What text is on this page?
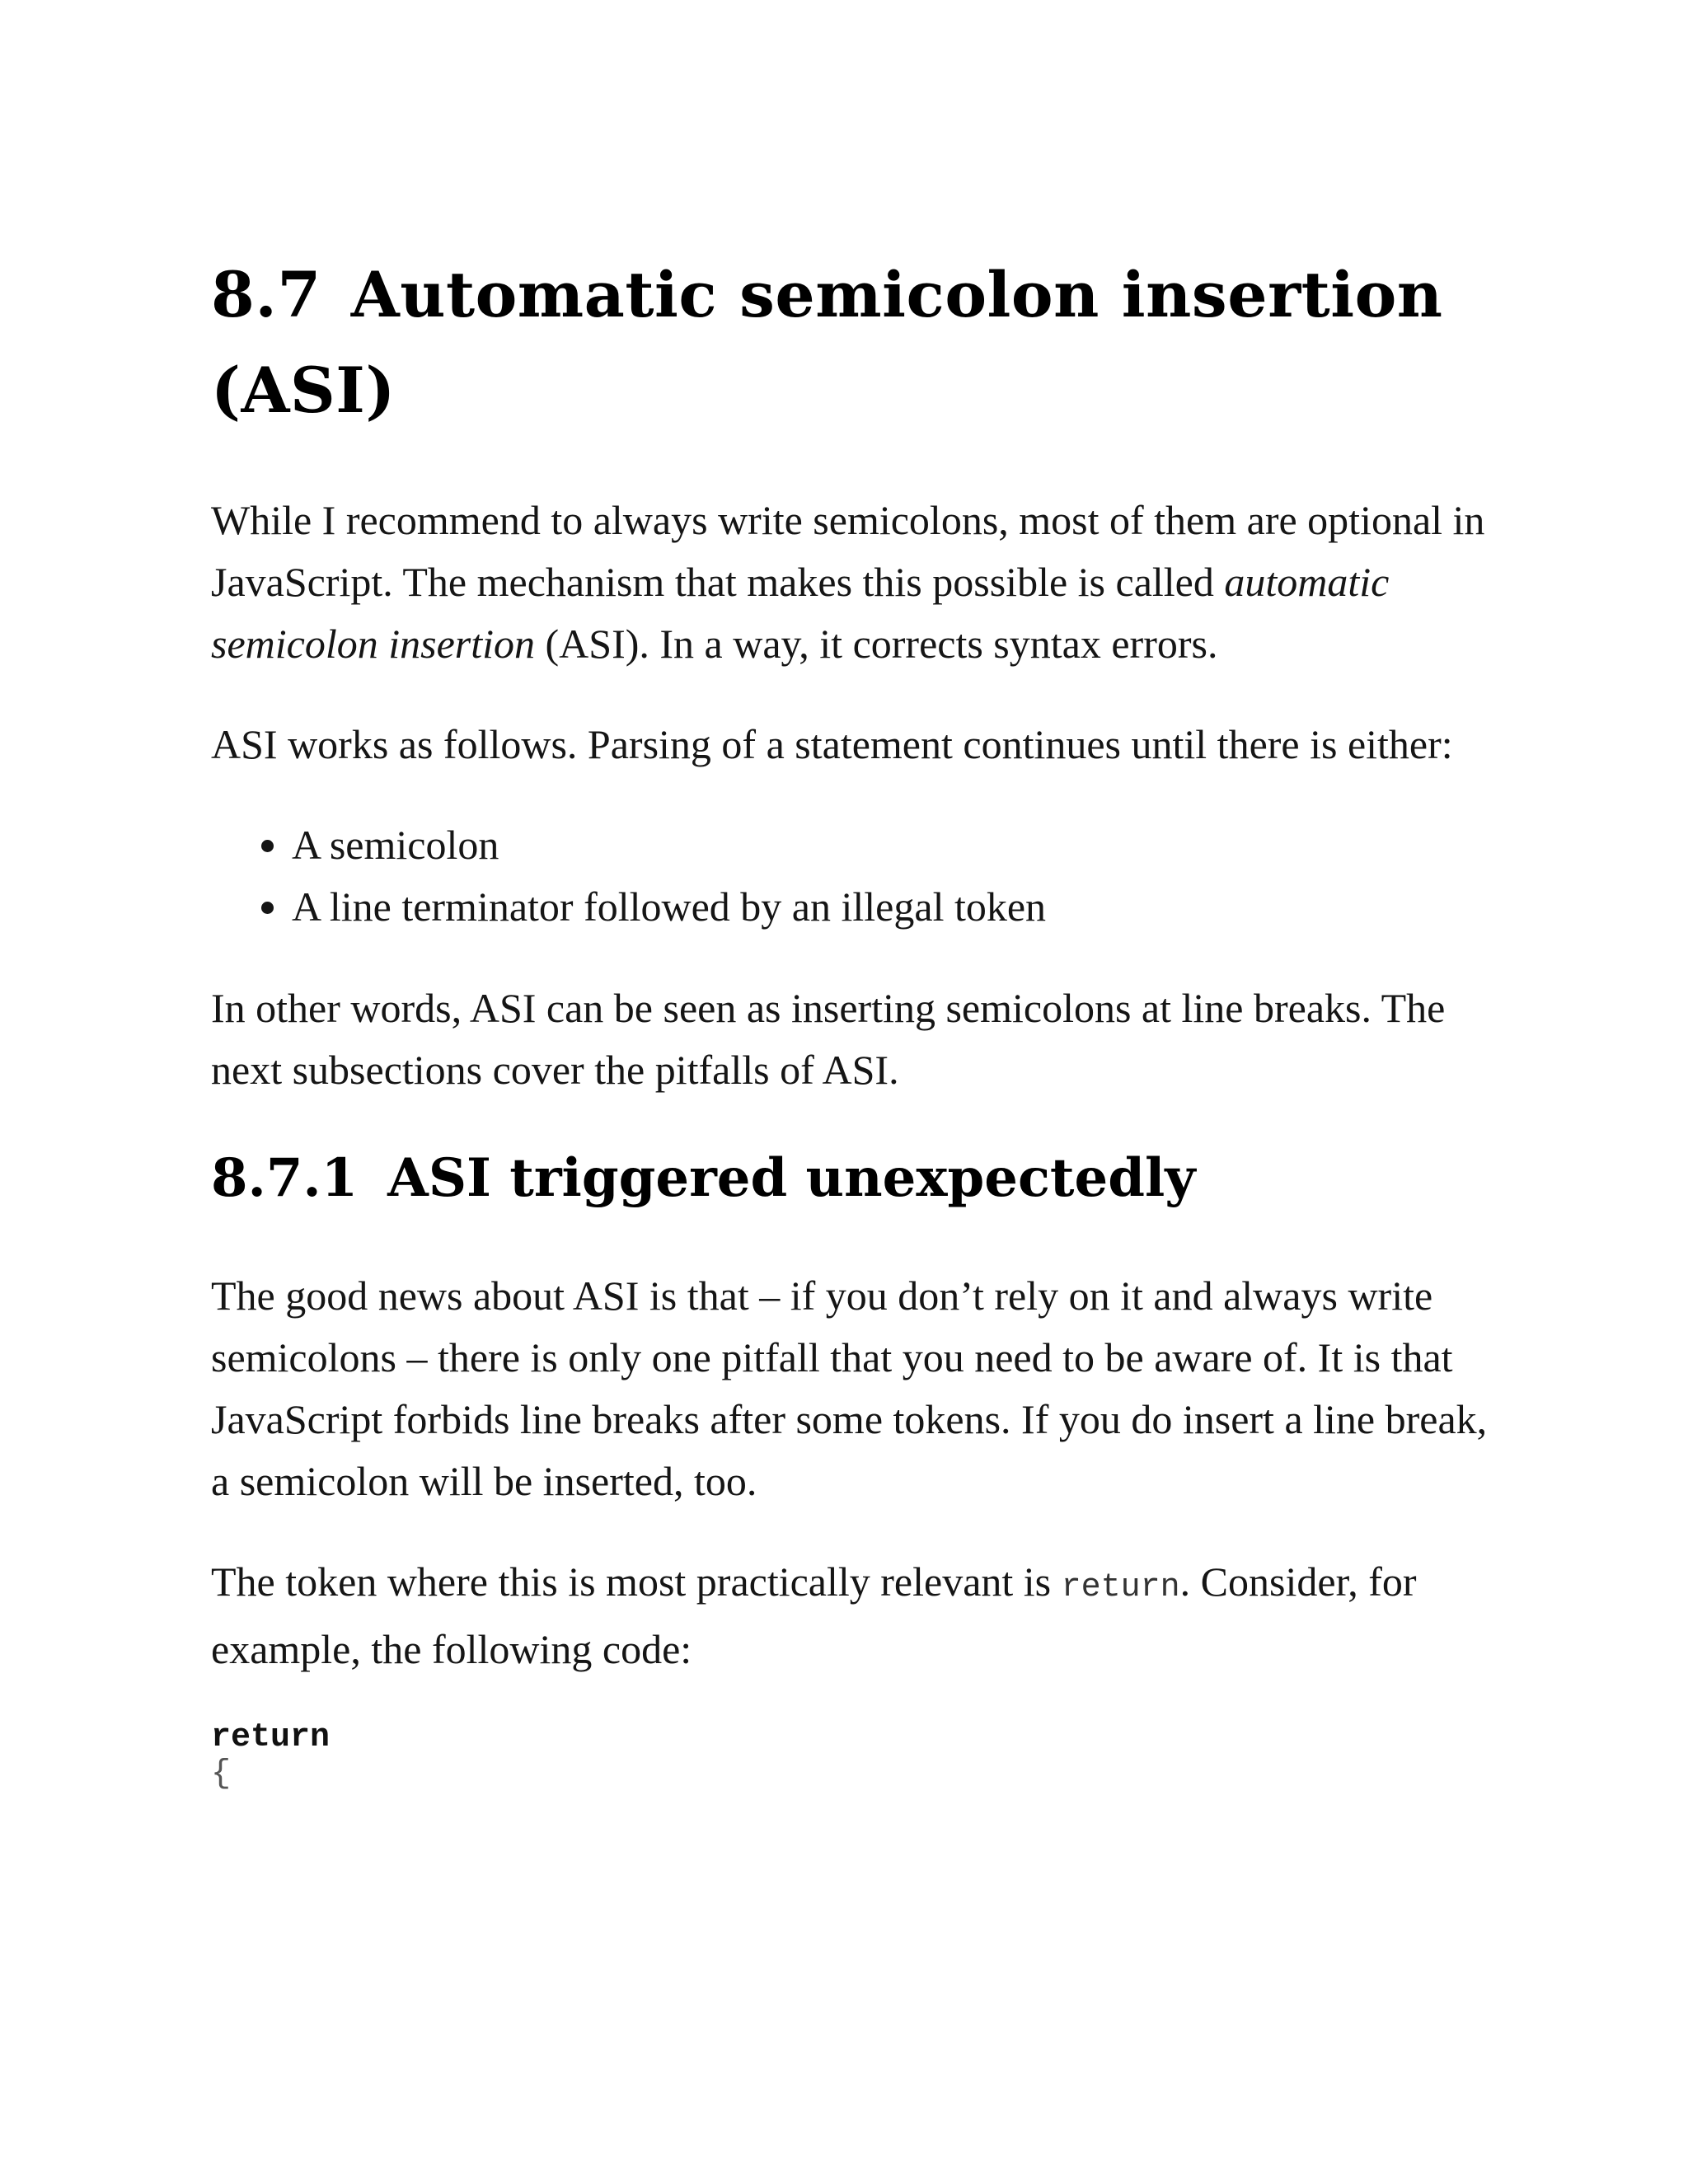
8.7 Automatic semicolon insertion
(ASI)

While I recommend to always write semicolons, most of them are optional in JavaScript. The mechanism that makes this possible is called automatic semicolon insertion (ASI). In a way, it corrects syntax errors.

ASI works as follows. Parsing of a statement continues until there is either:

• A semicolon
• A line terminator followed by an illegal token

In other words, ASI can be seen as inserting semicolons at line breaks. The next subsections cover the pitfalls of ASI.

8.7.1 ASI triggered unexpectedly

The good news about ASI is that – if you don’t rely on it and always write semicolons – there is only one pitfall that you need to be aware of. It is that JavaScript forbids line breaks after some tokens. If you do insert a line break, a semicolon will be inserted, too.

The token where this is most practically relevant is return. Consider, for example, the following code:

return
{
